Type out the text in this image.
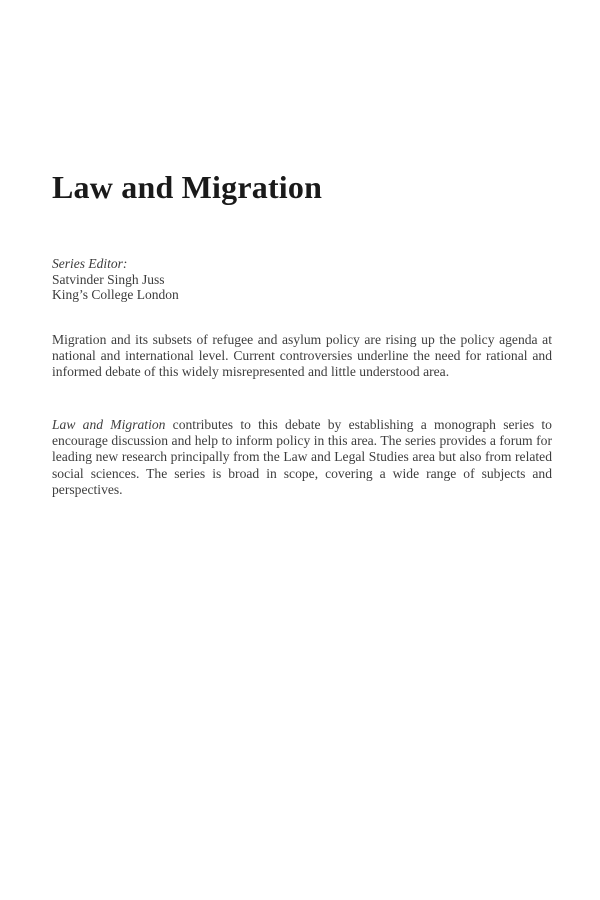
Law and Migration
Series Editor:
Satvinder Singh Juss
King’s College London

Migration and its subsets of refugee and asylum policy are rising up the policy agenda at national and international level. Current controversies underline the need for rational and informed debate of this widely misrepresented and little understood area.

Law and Migration contributes to this debate by establishing a monograph series to encourage discussion and help to inform policy in this area. The series provides a forum for leading new research principally from the Law and Legal Studies area but also from related social sciences. The series is broad in scope, covering a wide range of subjects and perspectives.
